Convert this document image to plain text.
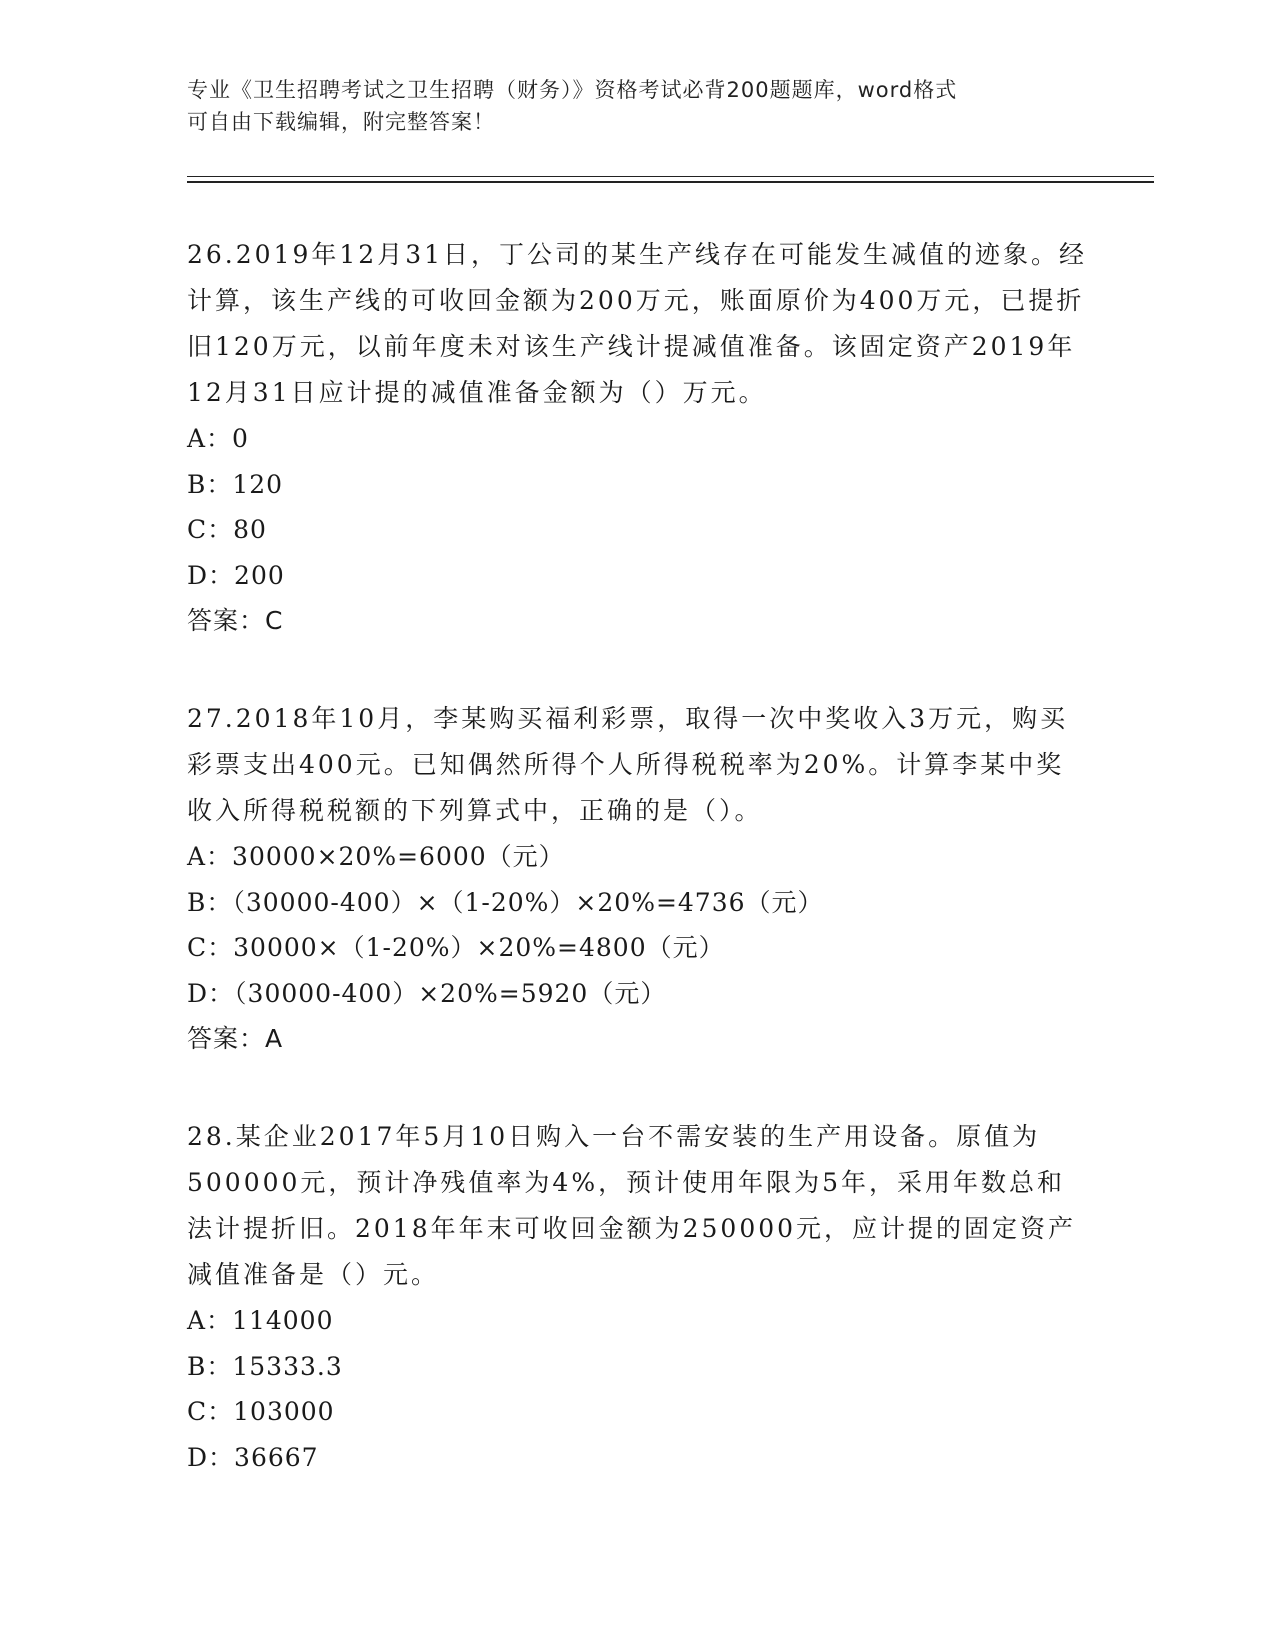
专业《卫生招聘考试之卫生招聘（财务）》资格考试必背200题题库，word格式
可自由下载编辑，附完整答案！
26.2019年12月31日，丁公司的某生产线存在可能发生减值的迹象。经计算，该生产线的可收回金额为200万元，账面原价为400万元，已提折旧120万元，以前年度未对该生产线计提减值准备。该固定资产2019年12月31日应计提的减值准备金额为（）万元。
A：0
B：120
C：80
D：200
答案：C
27.2018年10月，李某购买福利彩票，取得一次中奖收入3万元，购买彩票支出400元。已知偶然所得个人所得税税率为20%。计算李某中奖收入所得税税额的下列算式中，正确的是（）。
A：30000×20%=6000（元）
B：（30000-400）×（1-20%）×20%=4736（元）
C：30000×（1-20%）×20%=4800（元）
D：（30000-400）×20%=5920（元）
答案：A
28.某企业2017年5月10日购入一台不需安装的生产用设备。原值为500000元，预计净残值率为4%，预计使用年限为5年，采用年数总和法计提折旧。2018年年末可收回金额为250000元，应计提的固定资产减值准备是（）元。
A：114000
B：15333.3
C：103000
D：36667
